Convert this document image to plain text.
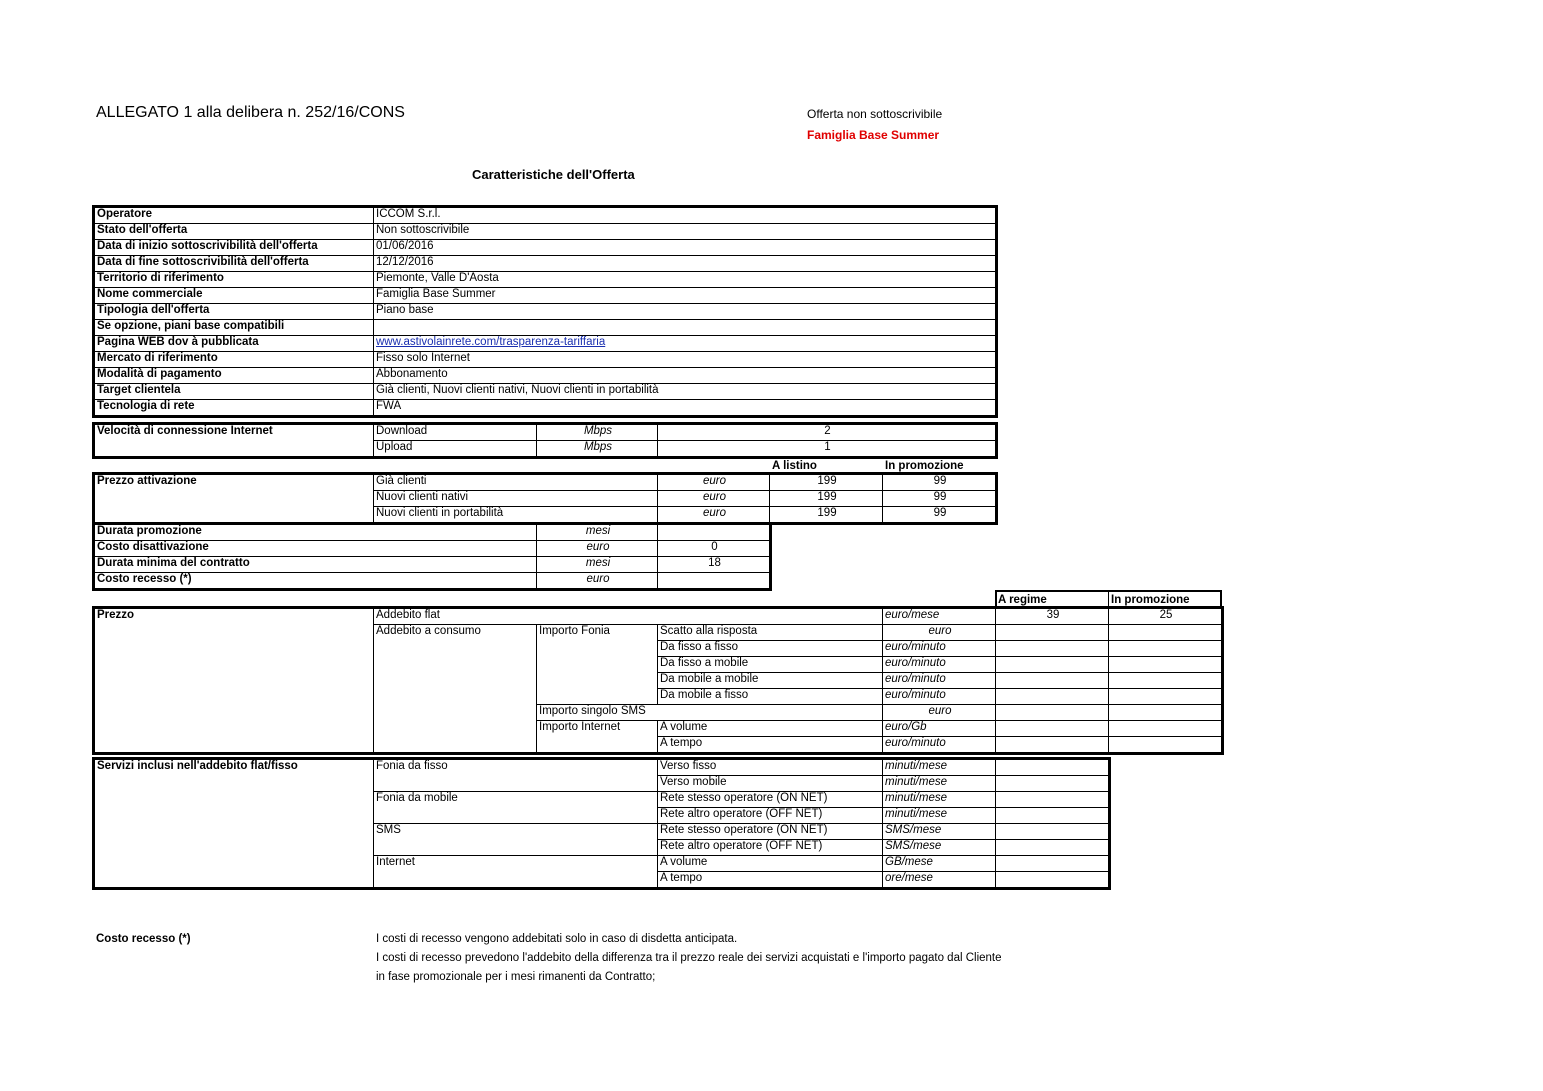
ALLEGATO 1 alla delibera n. 252/16/CONS	Offerta non sottoscrivibile
Famiglia Base Summer
Caratteristiche dell'Offerta
Operatore	ICCOM S.r.l.
Stato dell'offerta	Non sottoscrivibile
Data di inizio sottoscrivibilità dell'offerta	01/06/2016
Data di fine sottoscrivibilità dell'offerta	12/12/2016
Territorio di riferimento	Piemonte, Valle D'Aosta
Nome commerciale	Famiglia Base Summer
Tipologia dell'offerta	Piano base
Se opzione, piani base compatibili	
Pagina WEB dov à pubblicata	www.astivolainrete.com/trasparenza-tariffaria
Mercato di riferimento	Fisso solo Internet
Modalità di pagamento	Abbonamento
Target clientela	Già clienti, Nuovi clienti nativi, Nuovi clienti in portabilità
Tecnologia di rete	FWA
Velocità di connessione Internet	Download	Mbps	2
	Upload	Mbps	1
A listino	In promozione
Prezzo attivazione	Già clienti	euro	199	99
	Nuovi clienti nativi	euro	199	99
	Nuovi clienti in portabilità	euro	199	99
Durata promozione	mesi	
Costo disattivazione	euro	0
Durata minima del contratto	mesi	18
Costo recesso (*)	euro	
A regime	In promozione
Prezzo	Addebito flat			euro/mese	39	25
	Addebito a consumo	Importo Fonia	Scatto alla risposta	euro		
			Da fisso a fisso	euro/minuto		
			Da fisso a mobile	euro/minuto		
			Da mobile a mobile	euro/minuto		
			Da mobile a fisso	euro/minuto		
		Importo singolo SMS		euro		
		Importo Internet	A volume	euro/Gb		
			A tempo	euro/minuto		
Servizi inclusi nell'addebito flat/fisso	Fonia da fisso	Verso fisso	minuti/mese	
		Verso mobile	minuti/mese	
	Fonia da mobile	Rete stesso operatore (ON NET)	minuti/mese	
		Rete altro operatore (OFF NET)	minuti/mese	
	SMS	Rete stesso operatore (ON NET)	SMS/mese	
		Rete altro operatore (OFF NET)	SMS/mese	
	Internet	A volume	GB/mese	
		A tempo	ore/mese	
Costo recesso (*)	I costi di recesso vengono addebitati solo in caso di disdetta anticipata.
I costi di recesso prevedono l'addebito della differenza tra il prezzo reale dei servizi acquistati e l'importo pagato dal Cliente
in fase promozionale per i mesi rimanenti da Contratto;
